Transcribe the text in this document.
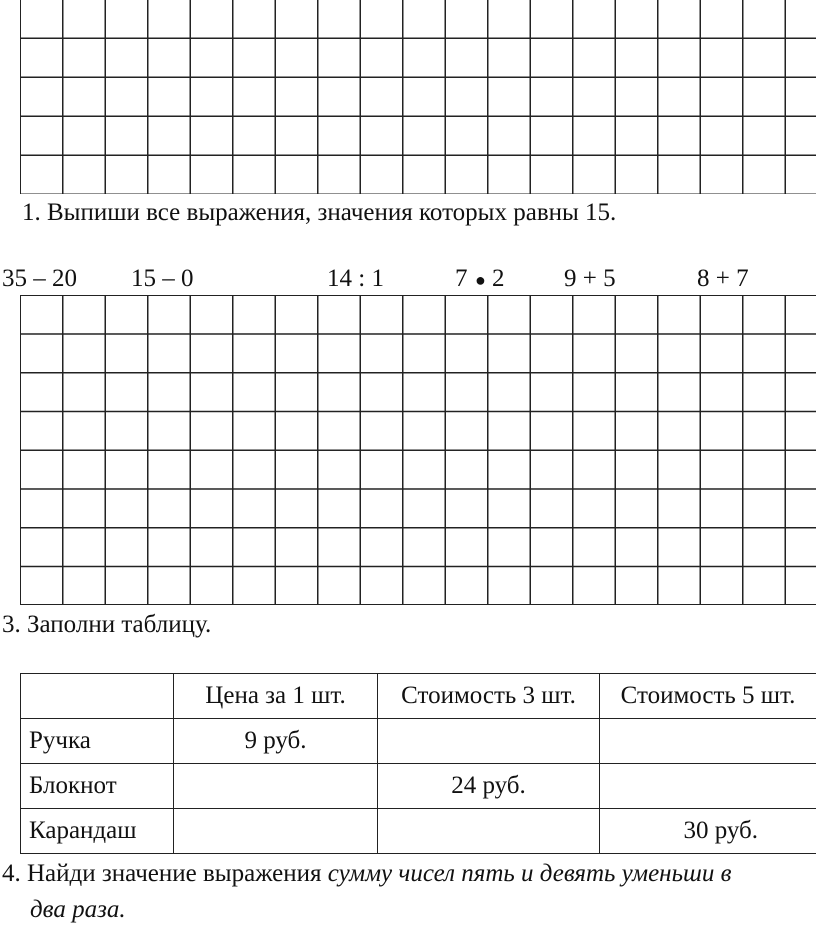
1. Выпиши все выражения, значения которых равны 15.
35 – 20 15 – 0	14 : 1	7 ● 2 9 + 5	8 + 7
3. Заполни таблицу.
	Цена за 1 шт.	Стоимость 3 шт.	Стоимость 5 шт.
Ручка	9 руб.		
Блокнот		24 руб.	
Карандаш			30 руб.
4. Найди значение выражения сумму чисел пять и девять уменьши в
два раза.
